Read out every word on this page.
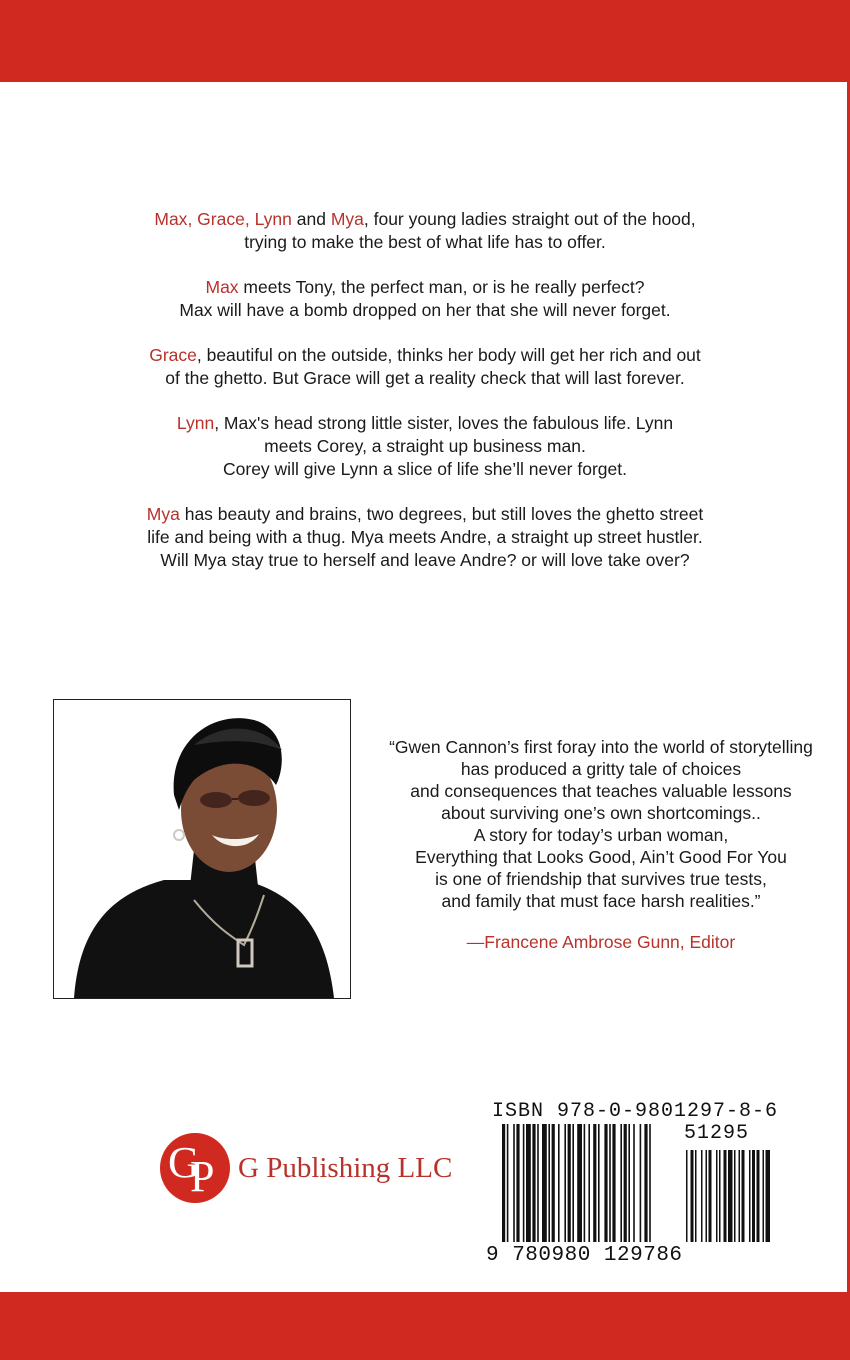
Max, Grace, Lynn and Mya, four young ladies straight out of the hood,
trying to make the best of what life has to offer.

Max meets Tony, the perfect man, or is he really perfect?
Max will have a bomb dropped on her that she will never forget.

Grace, beautiful on the outside, thinks her body will get her rich and out
of the ghetto. But Grace will get a reality check that will last forever.

Lynn, Max's head strong little sister, loves the fabulous life. Lynn
meets Corey, a straight up business man.
Corey will give Lynn a slice of life she’ll never forget.

Mya has beauty and brains, two degrees, but still loves the ghetto street
life and being with a thug. Mya meets Andre, a straight up street hustler.
Will Mya stay true to herself and leave Andre? or will love take over?

“Gwen Cannon’s first foray into the world of storytelling
has produced a gritty tale of choices
and consequences that teaches valuable lessons
about surviving one’s own shortcomings..
A story for today’s urban woman,
Everything that Looks Good, Ain’t Good For You
is one of friendship that survives true tests,
and family that must face harsh realities.”
—Francene Ambrose Gunn, Editor
G
P G Publishing LLC
ISBN 978-0-9801297-8-6
51295
9 780980 129786
